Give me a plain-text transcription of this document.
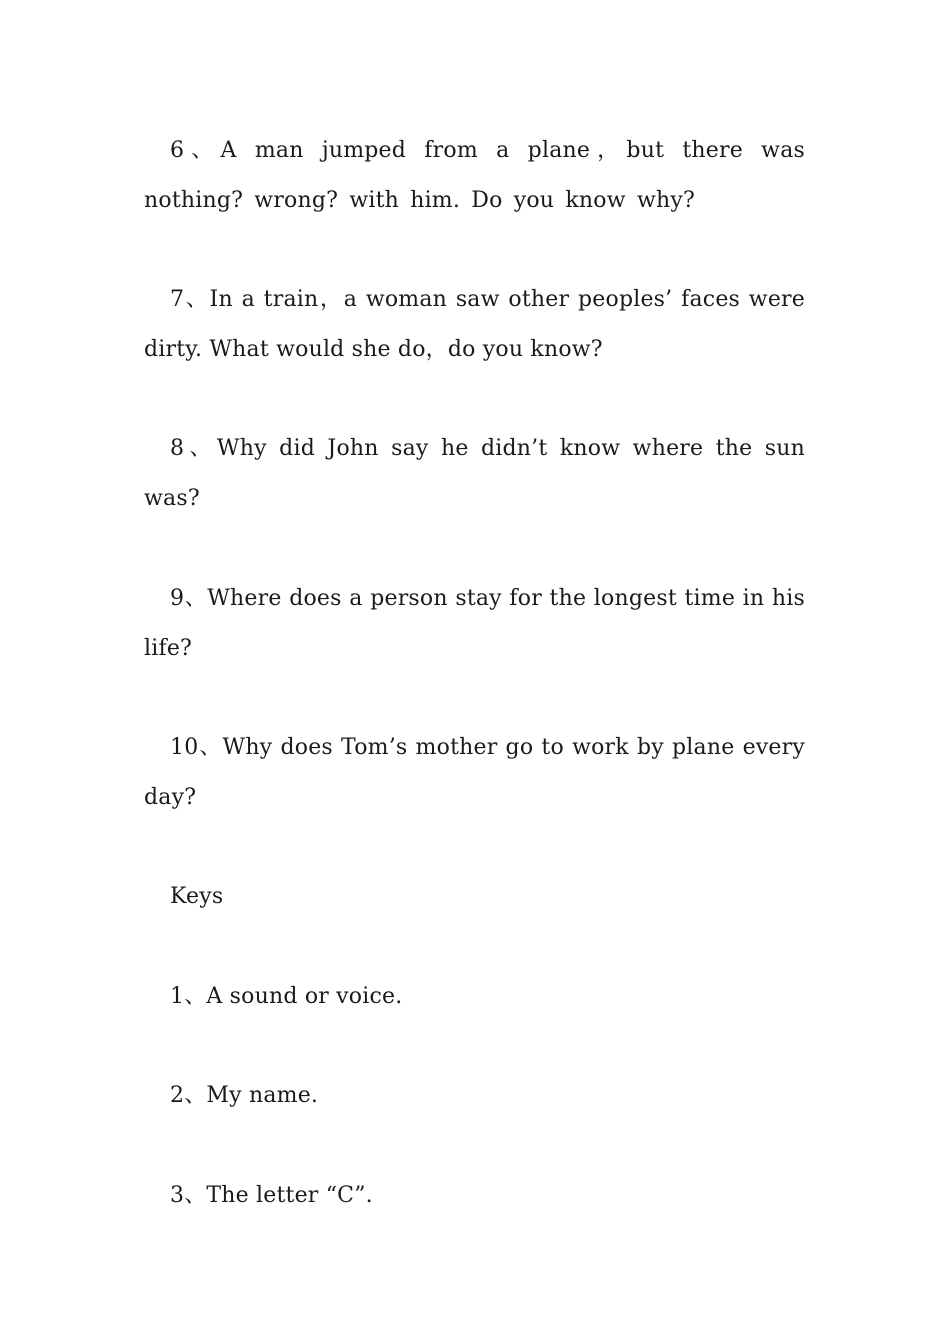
6、A man jumped from a plane，but there was nothing? wrong? with him. Do you know why?

7、In a train，a woman saw other peoples’ faces were dirty. What would she do，do you know?

8、Why did John say he didn’t know where the sun was?

9、Where does a person stay for the longest time in his life?

10、Why does Tom’s mother go to work by plane every day?

Keys

1、A sound or voice.

2、My name.

3、The letter “C”.
